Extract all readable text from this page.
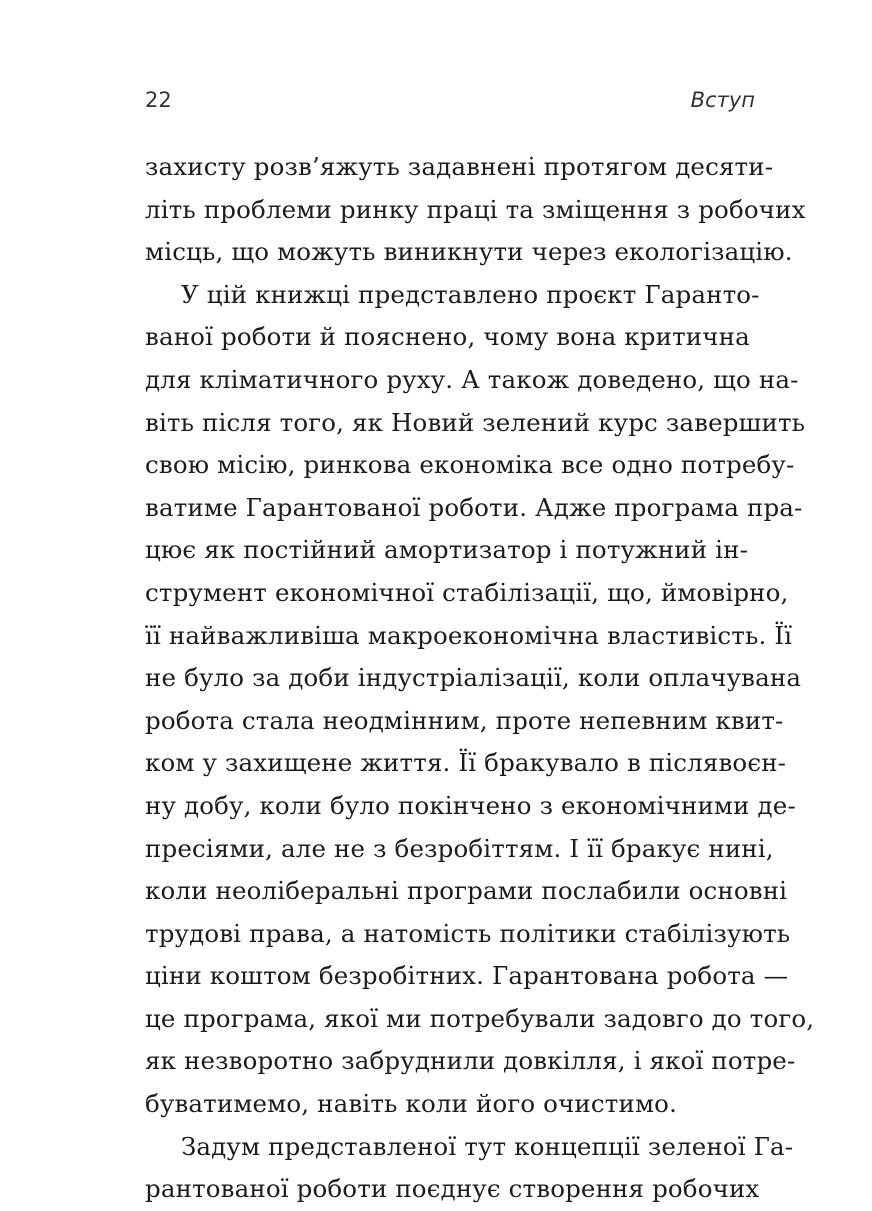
22	Вступ
захисту розв’яжуть задавнені протягом десяти-
літь проблеми ринку праці та зміщення з робочих
місць, що можуть виникнути через екологізацію.
У цій книжці представлено проєкт Гаранто-
ваної роботи й пояснено, чому вона критична
для кліматичного руху. А також доведено, що на-
віть після того, як Новий зелений курс завершить
свою місію, ринкова економіка все одно потребу-
ватиме Гарантованої роботи. Адже програма пра-
цює як постійний амортизатор і потужний ін-
струмент економічної стабілізації, що, ймовірно,
її найважливіша макроекономічна властивість. Її
не було за доби індустріалізації, коли оплачувана
робота стала неодмінним, проте непевним квит-
ком у захищене життя. Її бракувало в післявоєн-
ну добу, коли було покінчено з економічними де-
пресіями, але не з безробіттям. І її бракує нині,
коли неоліберальні програми послабили основні
трудові права, а натомість політики стабілізують
ціни коштом безробітних. Гарантована робота —
це програма, якої ми потребували задовго до того,
як незворотно забруднили довкілля, і якої потре-
буватимемо, навіть коли його очистимо.
Задум представленої тут концепції зеленої Га-
рантованої роботи поєднує створення робочих
